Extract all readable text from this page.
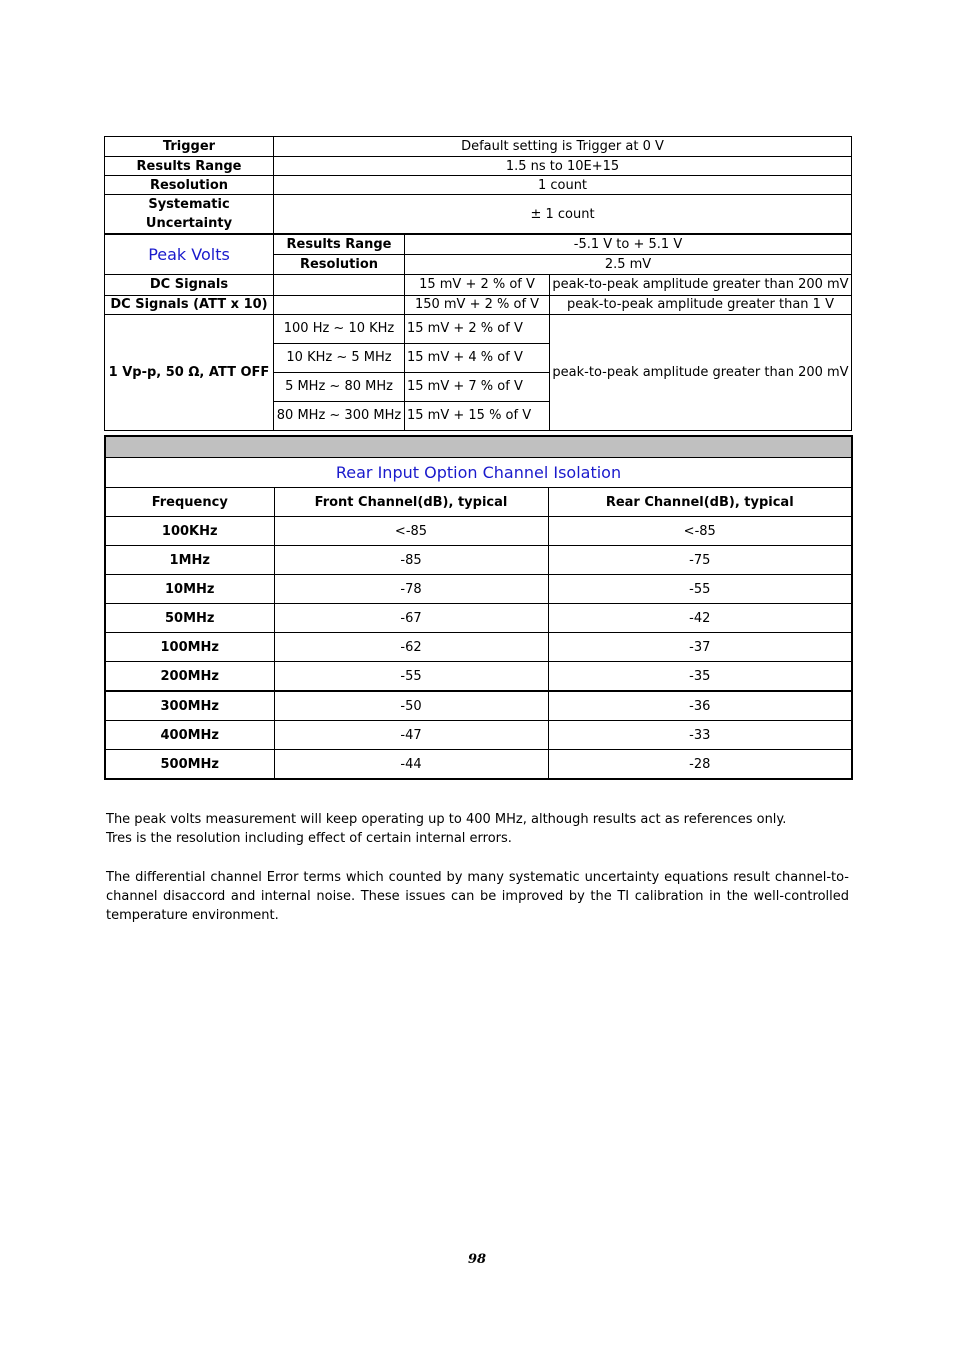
Trigger	Default setting is Trigger at 0 V		
Results Range	1.5 ns to 10E+15		
Resolution	1 count		
Systematic Uncertainty	± 1 count		
Peak Volts	Results Range	-5.1 V to + 5.1 V	
	Resolution	2.5 mV	
DC Signals		15 mV + 2 % of V	peak-to-peak amplitude greater than 200 mV
DC Signals (ATT x 10)		150 mV + 2 % of V	peak-to-peak amplitude greater than 1 V
1 Vp-p, 50 Ω, ATT OFF	100 Hz ~ 10 KHz	15 mV + 2 % of V	peak-to-peak amplitude greater than 200 mV
	10 KHz ~ 5 MHz	15 mV + 4 % of V	
	5 MHz ~ 80 MHz	15 mV + 7 % of V	
	80 MHz ~ 300 MHz	15 mV + 15 % of V	

Rear Input Option Channel Isolation		
Frequency	Front Channel(dB), typical	Rear Channel(dB), typical
100KHz	<-85	<-85
1MHz	-85	-75
10MHz	-78	-55
50MHz	-67	-42
100MHz	-62	-37
200MHz	-55	-35
300MHz	-50	-36
400MHz	-47	-33
500MHz	-44	-28
The peak volts measurement will keep operating up to 400 MHz, although results act as references only.
Tres is the resolution including effect of certain internal errors.
The differential channel Error terms which counted by many systematic uncertainty equations result channel-to-channel disaccord and internal noise. These issues can be improved by the TI calibration in the well-controlled temperature environment.
98
